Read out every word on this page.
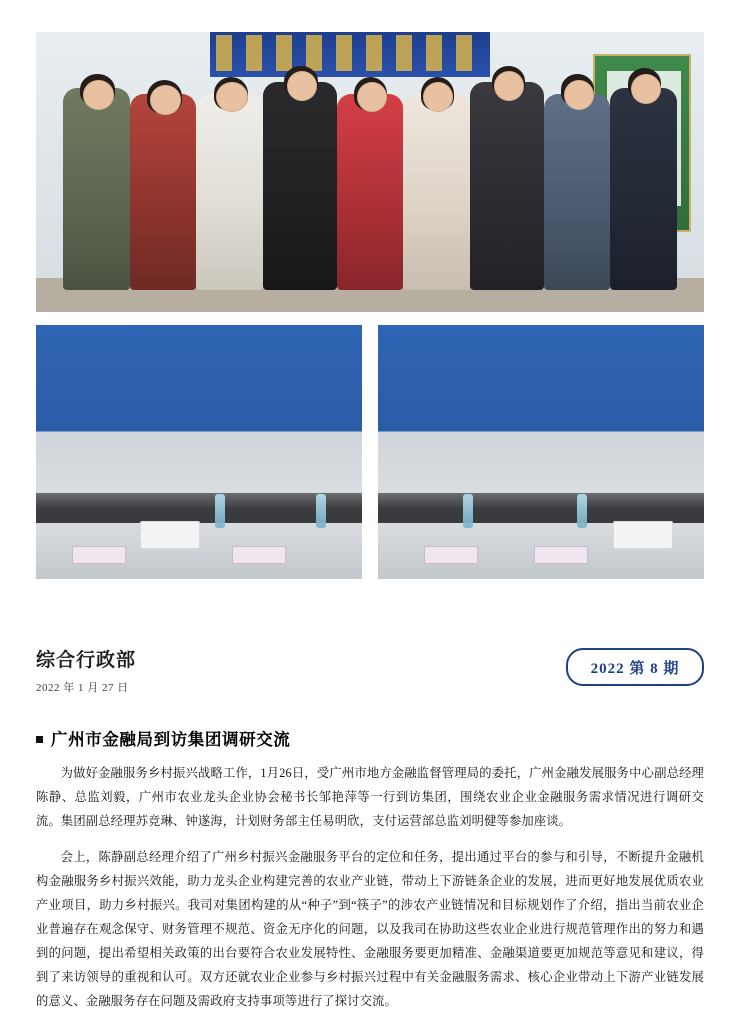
综合行政部
2022 年 1 月 27 日
2022 第 8 期
广州市金融局到访集团调研交流

为做好金融服务乡村振兴战略工作，1月26日，受广州市地方金融监督管理局的委托，广州金融发展服务中心副总经理陈静、总监刘毅，广州市农业龙头企业协会秘书长邹艳萍等一行到访集团，围绕农业企业金融服务需求情况进行调研交流。集团副总经理苏竞琳、钟遂海，计划财务部主任易明欣，支付运营部总监刘明健等参加座谈。

会上，陈静副总经理介绍了广州乡村振兴金融服务平台的定位和任务，提出通过平台的参与和引导，不断提升金融机构金融服务乡村振兴效能，助力龙头企业构建完善的农业产业链，带动上下游链条企业的发展，进而更好地发展优质农业产业项目，助力乡村振兴。我司对集团构建的从“种子”到“筷子”的涉农产业链情况和目标规划作了介绍，指出当前农业企业普遍存在观念保守、财务管理不规范、资金无序化的问题，以及我司在协助这些农业企业进行规范管理作出的努力和遇到的问题，提出希望相关政策的出台要符合农业发展特性、金融服务要更加精准、金融渠道要更加规范等意见和建议，得到了来访领导的重视和认可。双方还就农业企业参与乡村振兴过程中有关金融服务需求、核心企业带动上下游产业链发展的意义、金融服务存在问题及需政府支持事项等进行了探讨交流。
